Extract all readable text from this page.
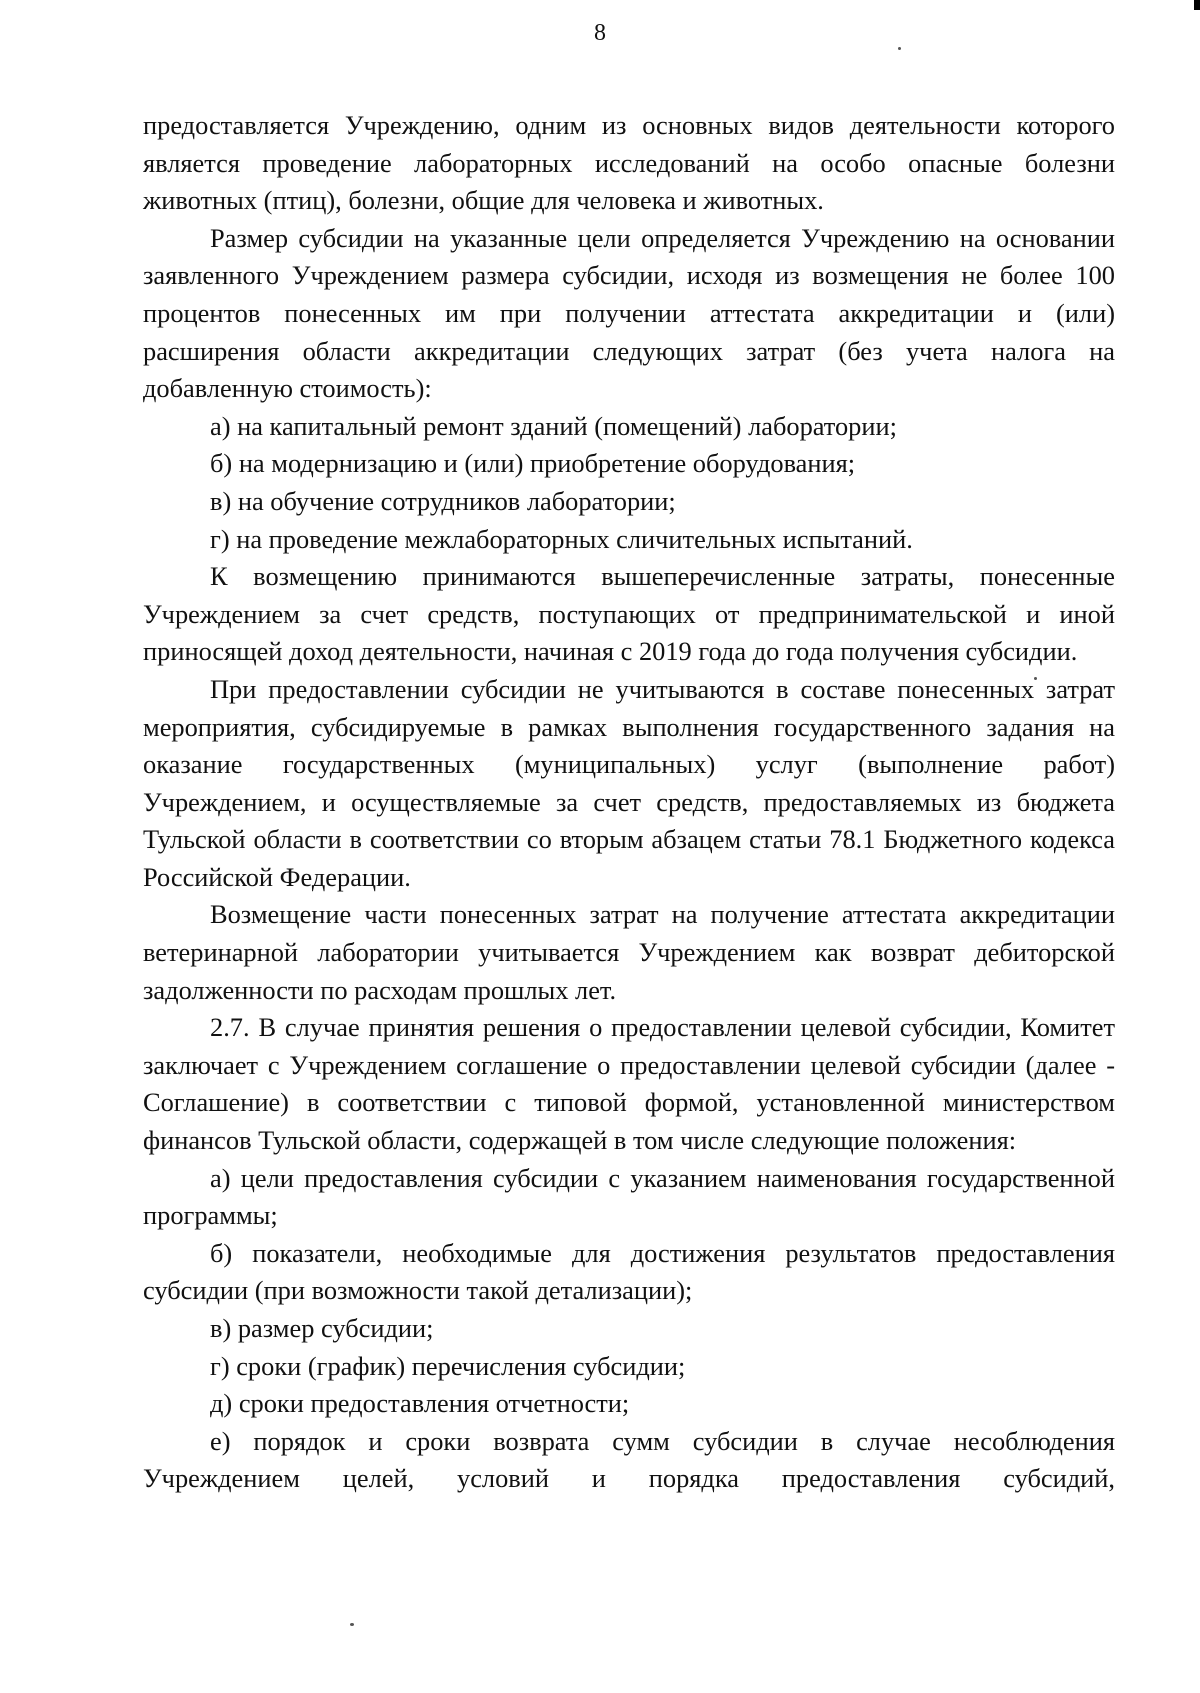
8

предоставляется Учреждению, одним из основных видов деятельности которого является проведение лабораторных исследований на особо опасные болезни животных (птиц), болезни, общие для человека и животных.

Размер субсидии на указанные цели определяется Учреждению на основании заявленного Учреждением размера субсидии, исходя из возмещения не более 100 процентов понесенных им при получении аттестата аккредитации и (или) расширения области аккредитации следующих затрат (без учета налога на добавленную стоимость):

а) на капитальный ремонт зданий (помещений) лаборатории;

б) на модернизацию и (или) приобретение оборудования;

в) на обучение сотрудников лаборатории;

г) на проведение межлабораторных сличительных испытаний.

К возмещению принимаются вышеперечисленные затраты, понесенные Учреждением за счет средств, поступающих от предпринимательской и иной приносящей доход деятельности, начиная с 2019 года до года получения субсидии.

При предоставлении субсидии не учитываются в составе понесенных затрат мероприятия, субсидируемые в рамках выполнения государственного задания на оказание государственных (муниципальных) услуг (выполнение работ) Учреждением, и осуществляемые за счет средств, предоставляемых из бюджета Тульской области в соответствии со вторым абзацем статьи 78.1 Бюджетного кодекса Российской Федерации.

Возмещение части понесенных затрат на получение аттестата аккредитации ветеринарной лаборатории учитывается Учреждением как возврат дебиторской задолженности по расходам прошлых лет.

2.7. В случае принятия решения о предоставлении целевой субсидии, Комитет заключает с Учреждением соглашение о предоставлении целевой субсидии (далее - Соглашение) в соответствии с типовой формой, установленной министерством финансов Тульской области, содержащей в том числе следующие положения:

а) цели предоставления субсидии с указанием наименования государственной программы;

б) показатели, необходимые для достижения результатов предоставления субсидии (при возможности такой детализации);

в) размер субсидии;

г) сроки (график) перечисления субсидии;

д) сроки предоставления отчетности;

е) порядок и сроки возврата сумм субсидии в случае несоблюдения Учреждением целей, условий и порядка предоставления субсидий,
